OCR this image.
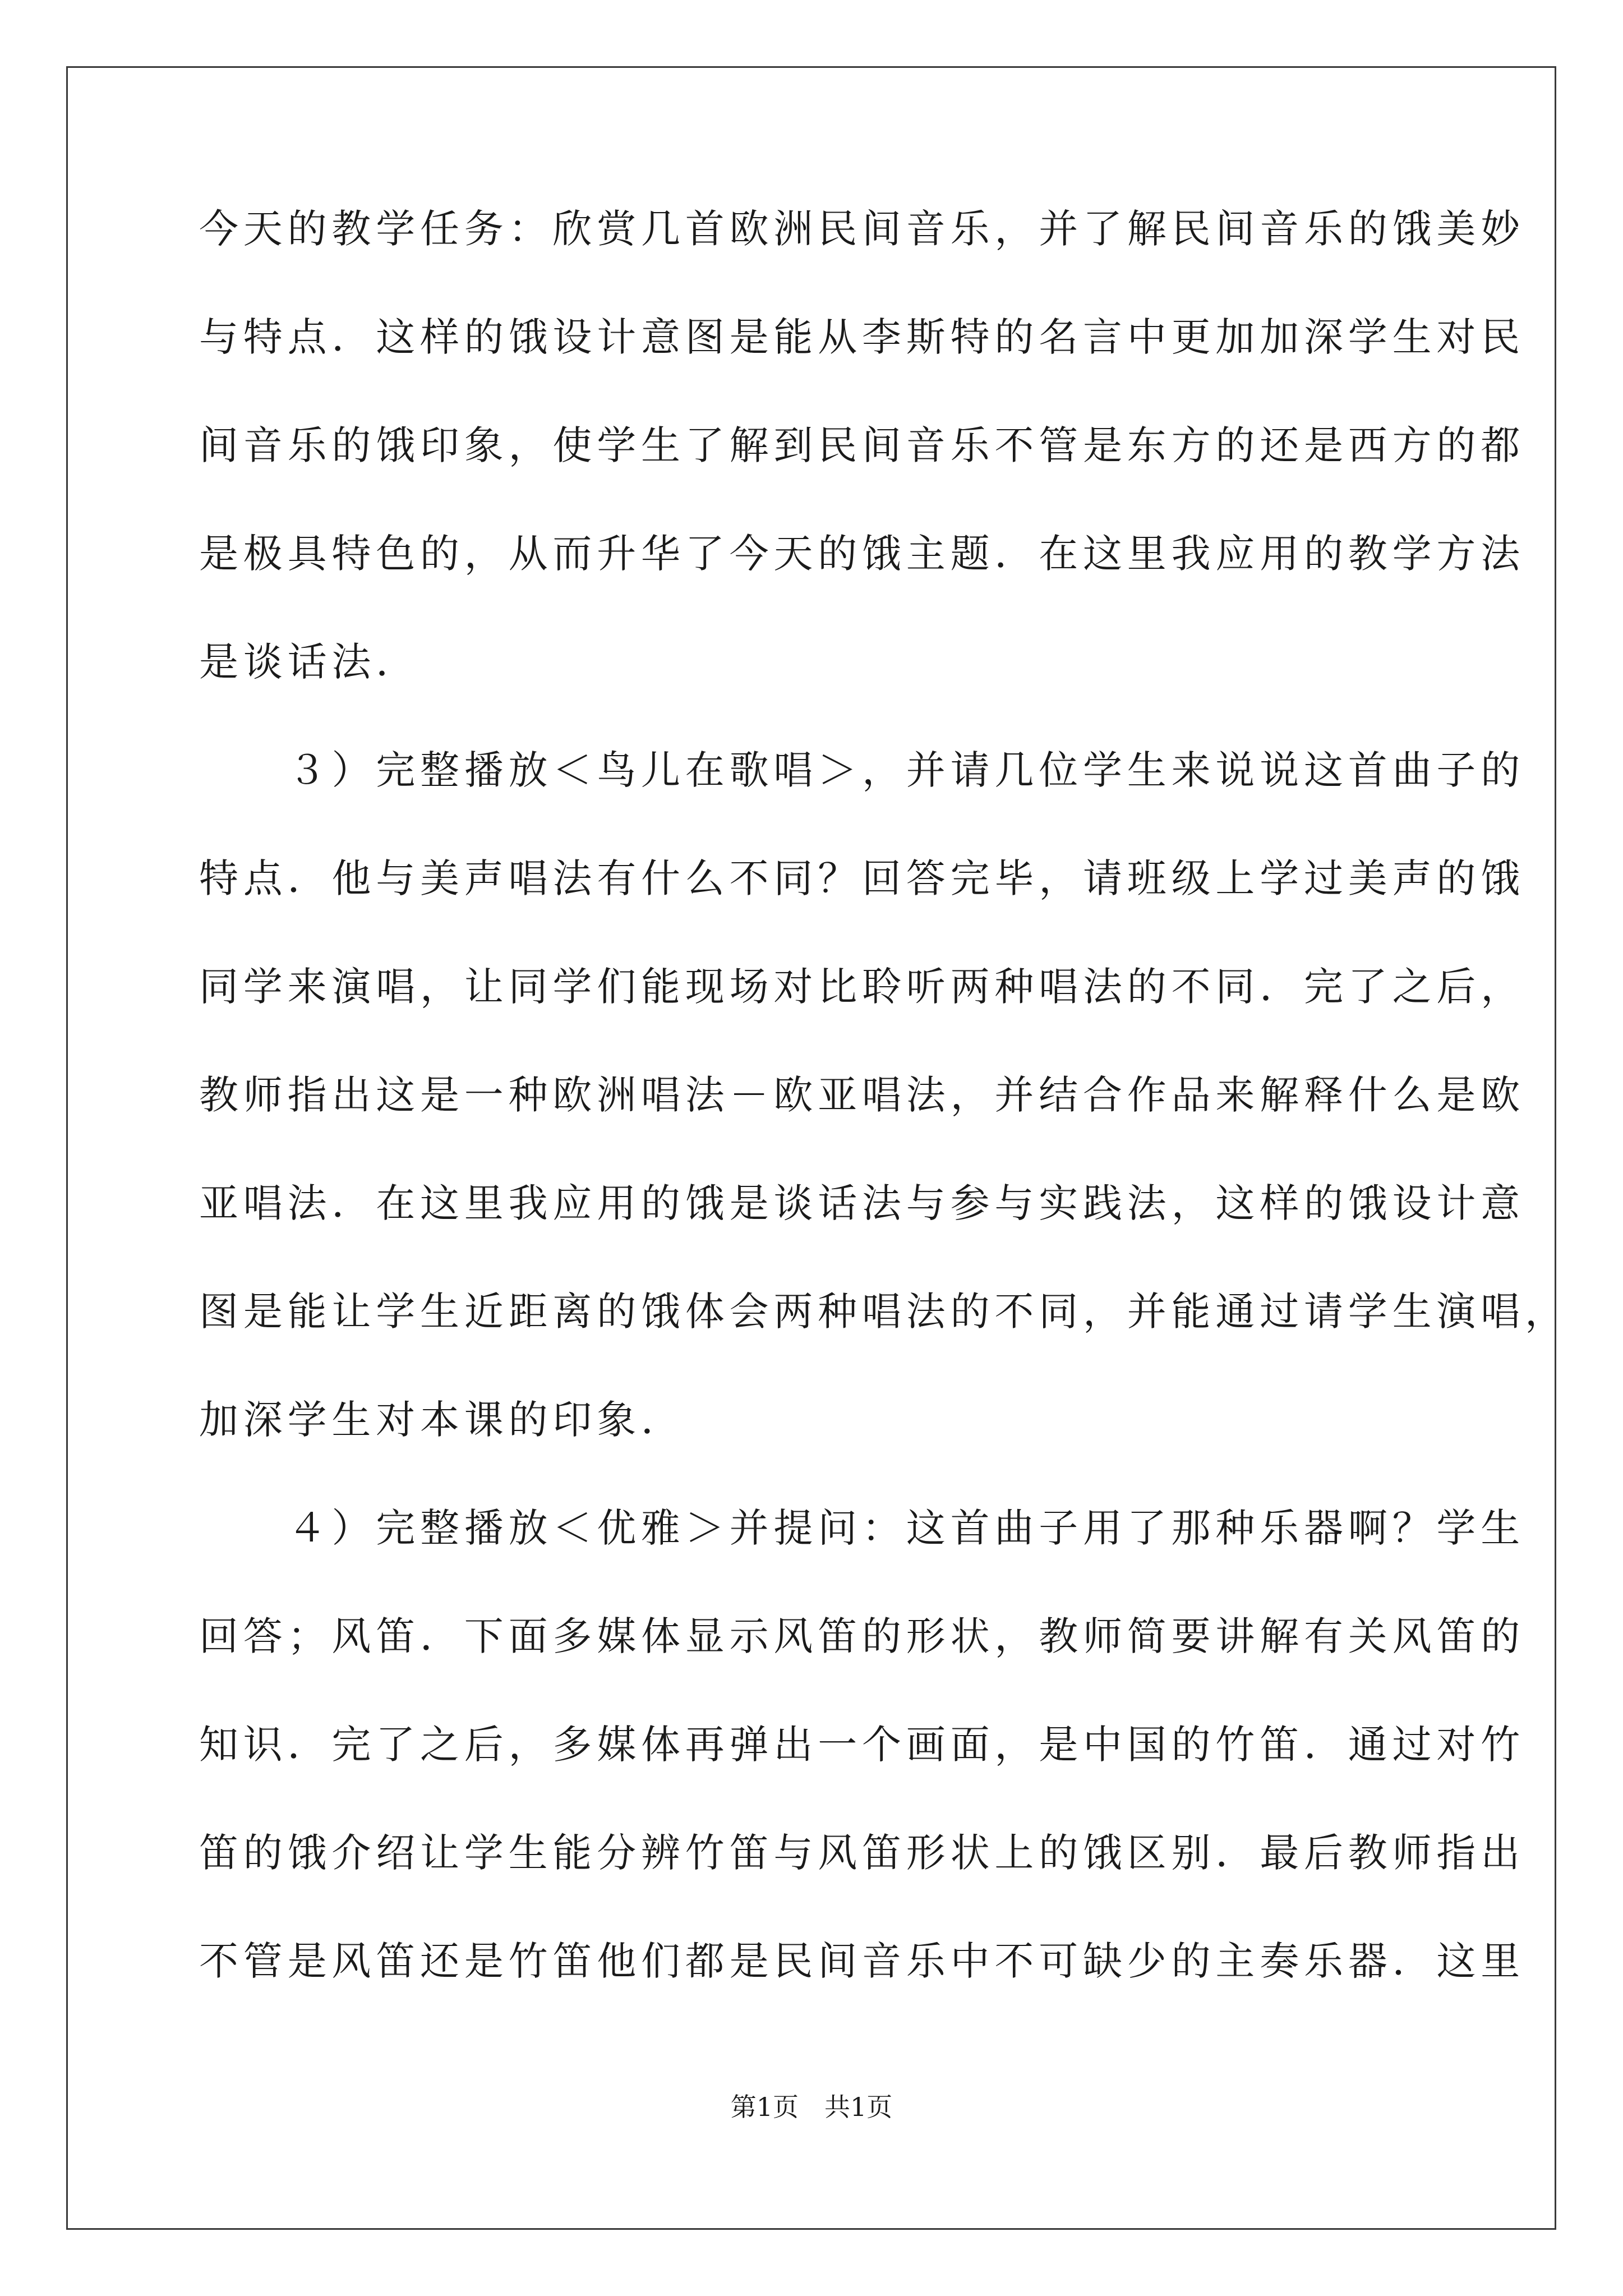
今天的教学任务：欣赏几首欧洲民间音乐，并了解民间音乐的饿美妙
与特点．这样的饿设计意图是能从李斯特的名言中更加加深学生对民
间音乐的饿印象，使学生了解到民间音乐不管是东方的还是西方的都
是极具特色的，从而升华了今天的饿主题．在这里我应用的教学方法
是谈话法．
　　３）完整播放＜鸟儿在歌唱＞，并请几位学生来说说这首曲子的
特点．他与美声唱法有什么不同？回答完毕，请班级上学过美声的饿
同学来演唱，让同学们能现场对比聆听两种唱法的不同．完了之后，
教师指出这是一种欧洲唱法－欧亚唱法，并结合作品来解释什么是欧
亚唱法．在这里我应用的饿是谈话法与参与实践法，这样的饿设计意
图是能让学生近距离的饿体会两种唱法的不同，并能通过请学生演唱，
加深学生对本课的印象．
　　４）完整播放＜优雅＞并提问：这首曲子用了那种乐器啊？学生
回答；风笛．下面多媒体显示风笛的形状，教师简要讲解有关风笛的
知识．完了之后，多媒体再弹出一个画面，是中国的竹笛．通过对竹
笛的饿介绍让学生能分辨竹笛与风笛形状上的饿区别．最后教师指出
不管是风笛还是竹笛他们都是民间音乐中不可缺少的主奏乐器．这里
第1页　共1页
